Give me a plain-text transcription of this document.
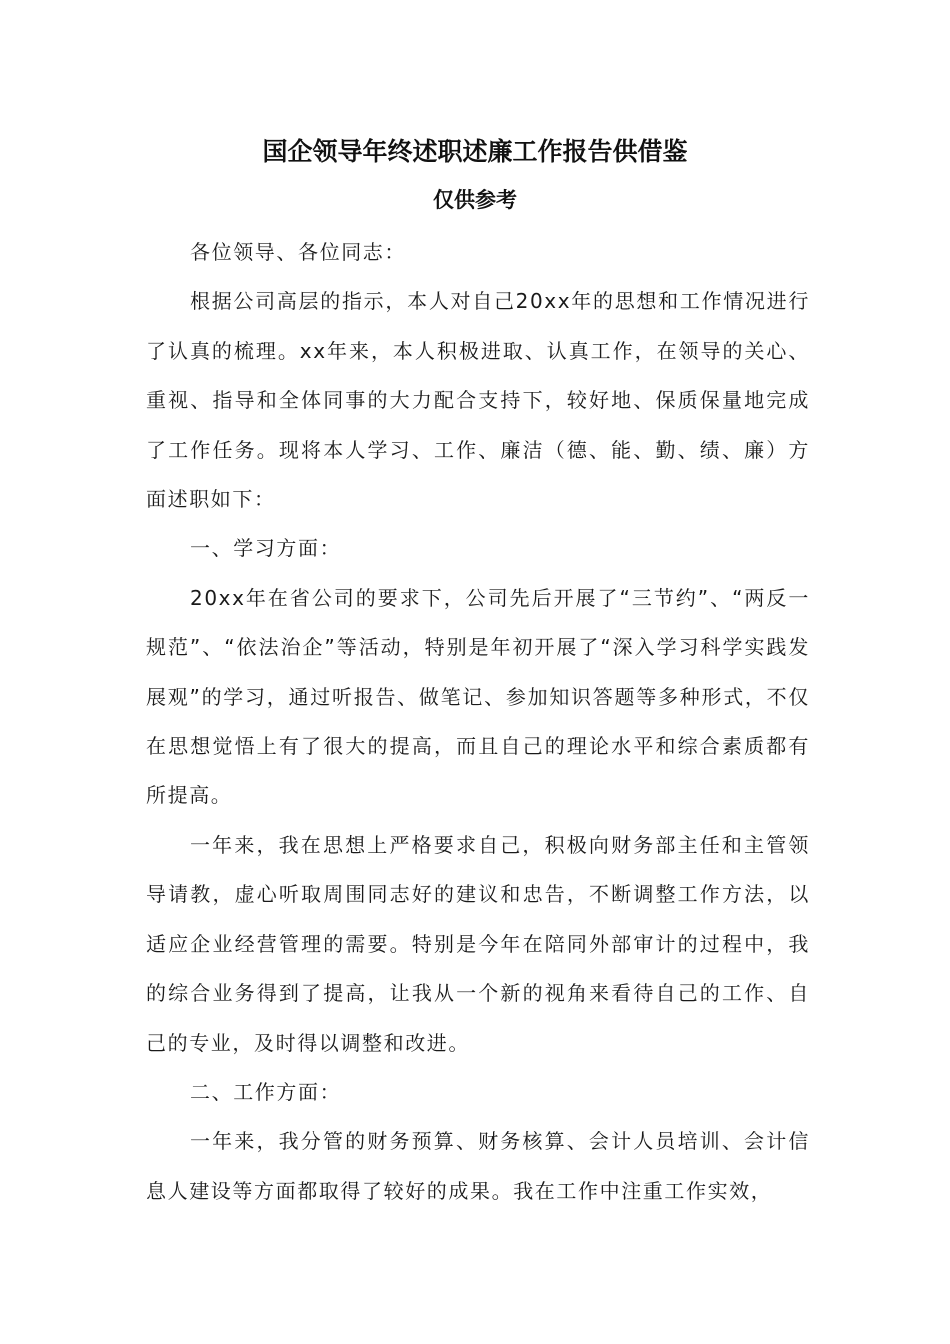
国企领导年终述职述廉工作报告供借鉴
仅供参考

各位领导、各位同志：

根据公司高层的指示，本人对自己20xx年的思想和工作情况进行了认真的梳理。xx年来，本人积极进取、认真工作，在领导的关心、重视、指导和全体同事的大力配合支持下，较好地、保质保量地完成了工作任务。现将本人学习、工作、廉洁（德、能、勤、绩、廉）方面述职如下：

一、学习方面：

20xx年在省公司的要求下，公司先后开展了“三节约”、“两反一规范”、“依法治企”等活动，特别是年初开展了“深入学习科学实践发展观”的学习，通过听报告、做笔记、参加知识答题等多种形式，不仅在思想觉悟上有了很大的提高，而且自己的理论水平和综合素质都有所提高。

一年来，我在思想上严格要求自己，积极向财务部主任和主管领导请教，虚心听取周围同志好的建议和忠告，不断调整工作方法，以适应企业经营管理的需要。特别是今年在陪同外部审计的过程中，我的综合业务得到了提高，让我从一个新的视角来看待自己的工作、自己的专业，及时得以调整和改进。

二、工作方面：

一年来，我分管的财务预算、财务核算、会计人员培训、会计信息人建设等方面都取得了较好的成果。我在工作中注重工作实效，
